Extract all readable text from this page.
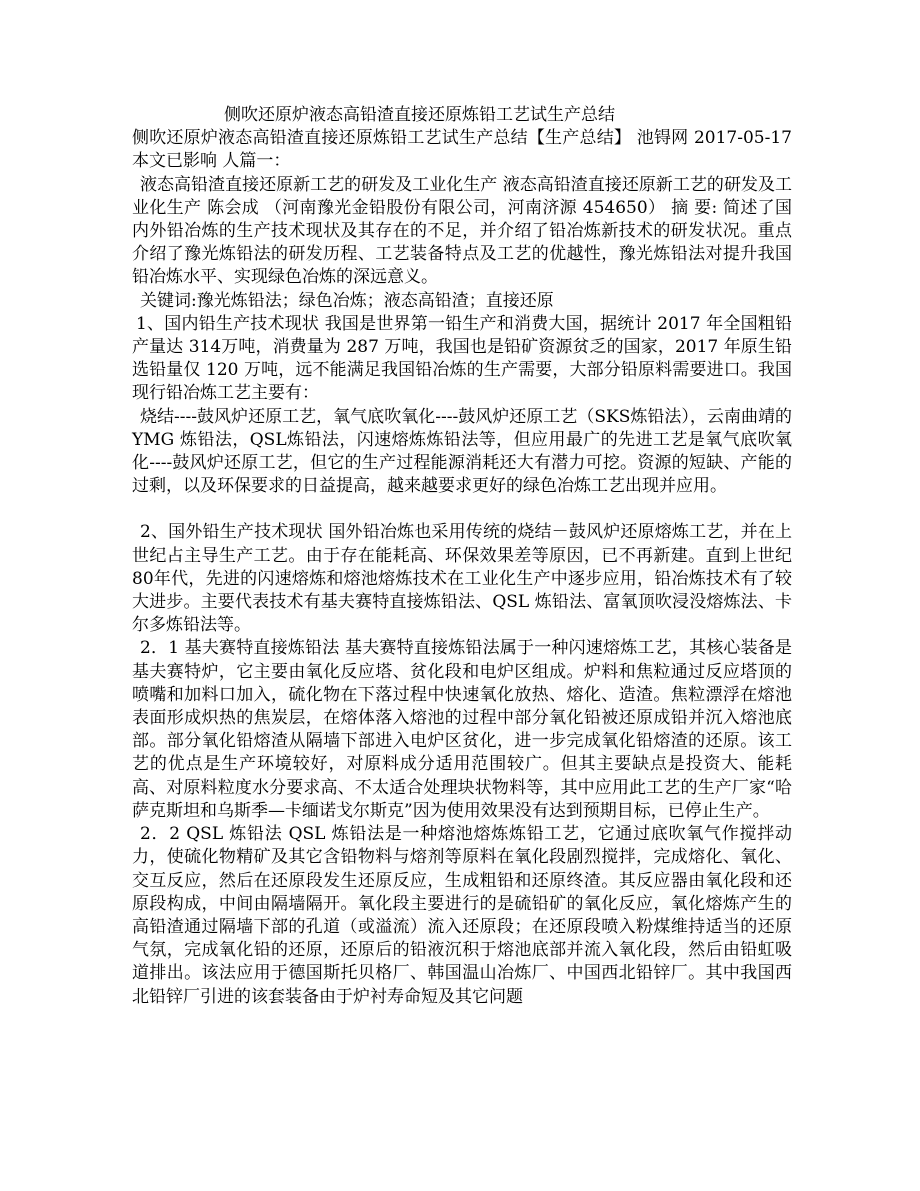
侧吹还原炉液态高铅渣直接还原炼铅工艺试生产总结

侧吹还原炉液态高铅渣直接还原炼铅工艺试生产总结【生产总结】 池锝网 2017-05-17本文已影响 人篇一：

液态高铅渣直接还原新工艺的研发及工业化生产 液态高铅渣直接还原新工艺的研发及工业化生产 陈会成 （河南豫光金铅股份有限公司，河南济源 454650） 摘 要: 简述了国内外铅冶炼的生产技术现状及其存在的不足，并介绍了铅冶炼新技术的研发状况。重点介绍了豫光炼铅法的研发历程、工艺装备特点及工艺的优越性，豫光炼铅法对提升我国铅冶炼水平、实现绿色冶炼的深远意义。

关键词:豫光炼铅法；绿色冶炼；液态高铅渣；直接还原

1、国内铅生产技术现状 我国是世界第一铅生产和消费大国，据统计 2017 年全国粗铅产量达 314万吨，消费量为 287 万吨，我国也是铅矿资源贫乏的国家，2017 年原生铅选铅量仅 120 万吨，远不能满足我国铅冶炼的生产需要，大部分铅原料需要进口。我国现行铅冶炼工艺主要有：

烧结----鼓风炉还原工艺，氧气底吹氧化----鼓风炉还原工艺（SKS炼铅法），云南曲靖的 YMG 炼铅法，QSL炼铅法，闪速熔炼炼铅法等，但应用最广的先进工艺是氧气底吹氧化----鼓风炉还原工艺，但它的生产过程能源消耗还大有潜力可挖。资源的短缺、产能的过剩，以及环保要求的日益提高，越来越要求更好的绿色冶炼工艺出现并应用。

2、国外铅生产技术现状 国外铅冶炼也采用传统的烧结－鼓风炉还原熔炼工艺，并在上世纪占主导生产工艺。由于存在能耗高、环保效果差等原因，已不再新建。直到上世纪 80年代，先进的闪速熔炼和熔池熔炼技术在工业化生产中逐步应用，铅冶炼技术有了较大进步。主要代表技术有基夫赛特直接炼铅法、QSL 炼铅法、富氧顶吹浸没熔炼法、卡尔多炼铅法等。

2．1 基夫赛特直接炼铅法 基夫赛特直接炼铅法属于一种闪速熔炼工艺，其核心装备是基夫赛特炉，它主要由氧化反应塔、贫化段和电炉区组成。炉料和焦粒通过反应塔顶的喷嘴和加料口加入，硫化物在下落过程中快速氧化放热、熔化、造渣。焦粒漂浮在熔池表面形成炽热的焦炭层，在熔体落入熔池的过程中部分氧化铅被还原成铅并沉入熔池底部。部分氧化铅熔渣从隔墙下部进入电炉区贫化，进一步完成氧化铅熔渣的还原。该工艺的优点是生产环境较好，对原料成分适用范围较广。但其主要缺点是投资大、能耗高、对原料粒度水分要求高、不太适合处理块状物料等，其中应用此工艺的生产厂家“哈萨克斯坦和乌斯季—卡缅诺戈尔斯克”因为使用效果没有达到预期目标，已停止生产。

2．2 QSL 炼铅法 QSL 炼铅法是一种熔池熔炼炼铅工艺，它通过底吹氧气作搅拌动力，使硫化物精矿及其它含铅物料与熔剂等原料在氧化段剧烈搅拌，完成熔化、氧化、交互反应，然后在还原段发生还原反应，生成粗铅和还原终渣。其反应器由氧化段和还原段构成，中间由隔墙隔开。氧化段主要进行的是硫铅矿的氧化反应，氧化熔炼产生的高铅渣通过隔墙下部的孔道（或溢流）流入还原段；在还原段喷入粉煤维持适当的还原气氛，完成氧化铅的还原，还原后的铅液沉积于熔池底部并流入氧化段，然后由铅虹吸道排出。该法应用于德国斯托贝格厂、韩国温山冶炼厂、中国西北铅锌厂。其中我国西北铅锌厂引进的该套装备由于炉衬寿命短及其它问题
